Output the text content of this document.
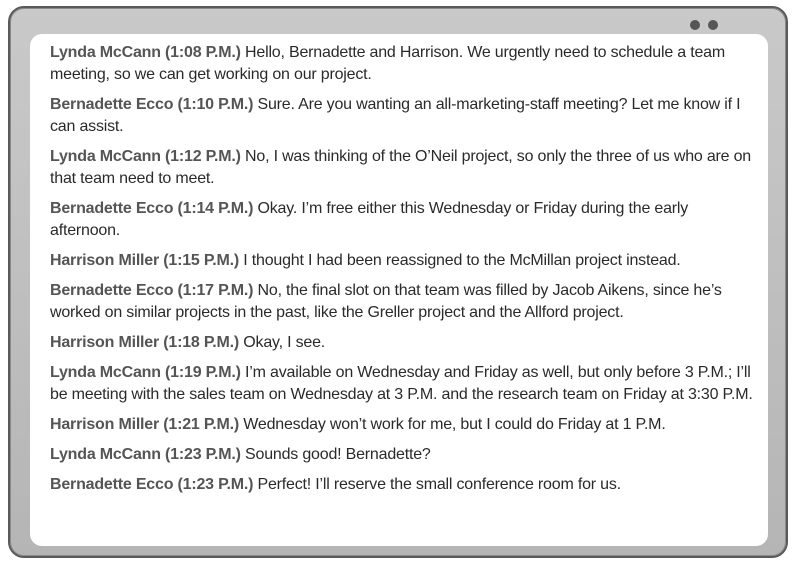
Lynda McCann (1:08 P.M.) Hello, Bernadette and Harrison. We urgently need to schedule a team meeting, so we can get working on our project.

Bernadette Ecco (1:10 P.M.) Sure. Are you wanting an all-marketing-staff meeting? Let me know if I can assist.

Lynda McCann (1:12 P.M.) No, I was thinking of the O’Neil project, so only the three of us who are on that team need to meet.

Bernadette Ecco (1:14 P.M.) Okay. I’m free either this Wednesday or Friday during the early afternoon.

Harrison Miller (1:15 P.M.) I thought I had been reassigned to the McMillan project instead.

Bernadette Ecco (1:17 P.M.) No, the final slot on that team was filled by Jacob Aikens, since he’s worked on similar projects in the past, like the Greller project and the Allford project.

Harrison Miller (1:18 P.M.) Okay, I see.

Lynda McCann (1:19 P.M.) I’m available on Wednesday and Friday as well, but only before 3 P.M.; I’ll be meeting with the sales team on Wednesday at 3 P.M. and the research team on Friday at 3:30 P.M.

Harrison Miller (1:21 P.M.) Wednesday won’t work for me, but I could do Friday at 1 P.M.

Lynda McCann (1:23 P.M.) Sounds good! Bernadette?

Bernadette Ecco (1:23 P.M.) Perfect! I’ll reserve the small conference room for us.
